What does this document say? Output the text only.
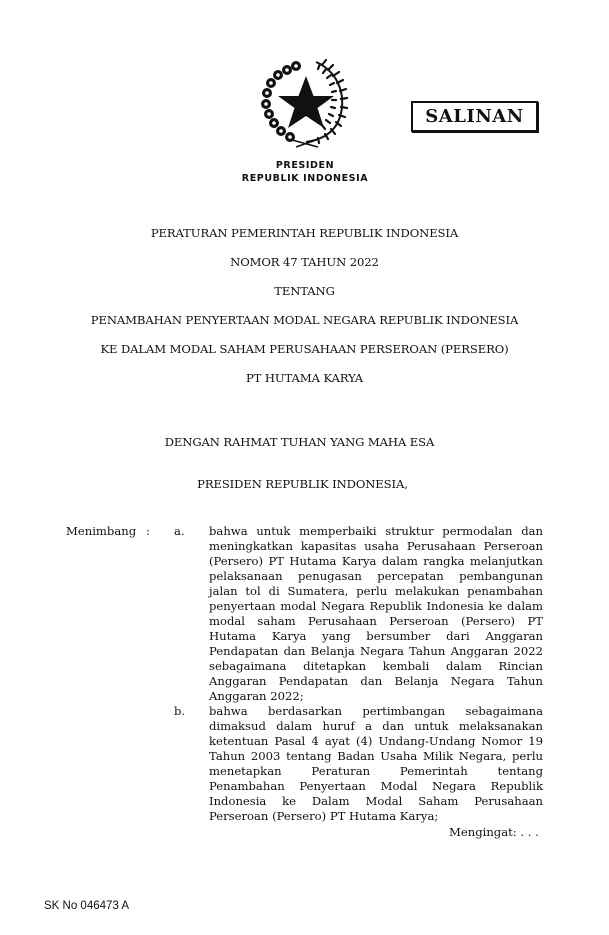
SALINAN
PRESIDEN
REPUBLIK INDONESIA
PERATURAN PEMERINTAH REPUBLIK INDONESIA
NOMOR 47 TAHUN 2022
TENTANG
PENAMBAHAN PENYERTAAN MODAL NEGARA REPUBLIK INDONESIA
KE DALAM MODAL SAHAM PERUSAHAAN PERSEROAN (PERSERO)
PT HUTAMA KARYA
DENGAN RAHMAT TUHAN YANG MAHA ESA
PRESIDEN REPUBLIK INDONESIA,
Menimbang : a. bahwa untuk memperbaiki struktur permodalan dan
meningkatkan kapasitas usaha Perusahaan Perseroan
(Persero) PT Hutama Karya dalam rangka melanjutkan
pelaksanaan penugasan percepatan pembangunan
jalan tol di Sumatera, perlu melakukan penambahan
penyertaan modal Negara Republik Indonesia ke dalam
modal saham Perusahaan Perseroan (Persero) PT
Hutama Karya yang bersumber dari Anggaran
Pendapatan dan Belanja Negara Tahun Anggaran 2022
sebagaimana ditetapkan kembali dalam Rincian
Anggaran Pendapatan dan Belanja Negara Tahun
Anggaran 2022;
b. bahwa berdasarkan pertimbangan sebagaimana
dimaksud dalam huruf a dan untuk melaksanakan
ketentuan Pasal 4 ayat (4) Undang-Undang Nomor 19
Tahun 2003 tentang Badan Usaha Milik Negara, perlu
menetapkan Peraturan Pemerintah tentang
Penambahan Penyertaan Modal Negara Republik
Indonesia ke Dalam Modal Saham Perusahaan
Perseroan (Persero) PT Hutama Karya;
Mengingat: . . .
SK No 046473 A
